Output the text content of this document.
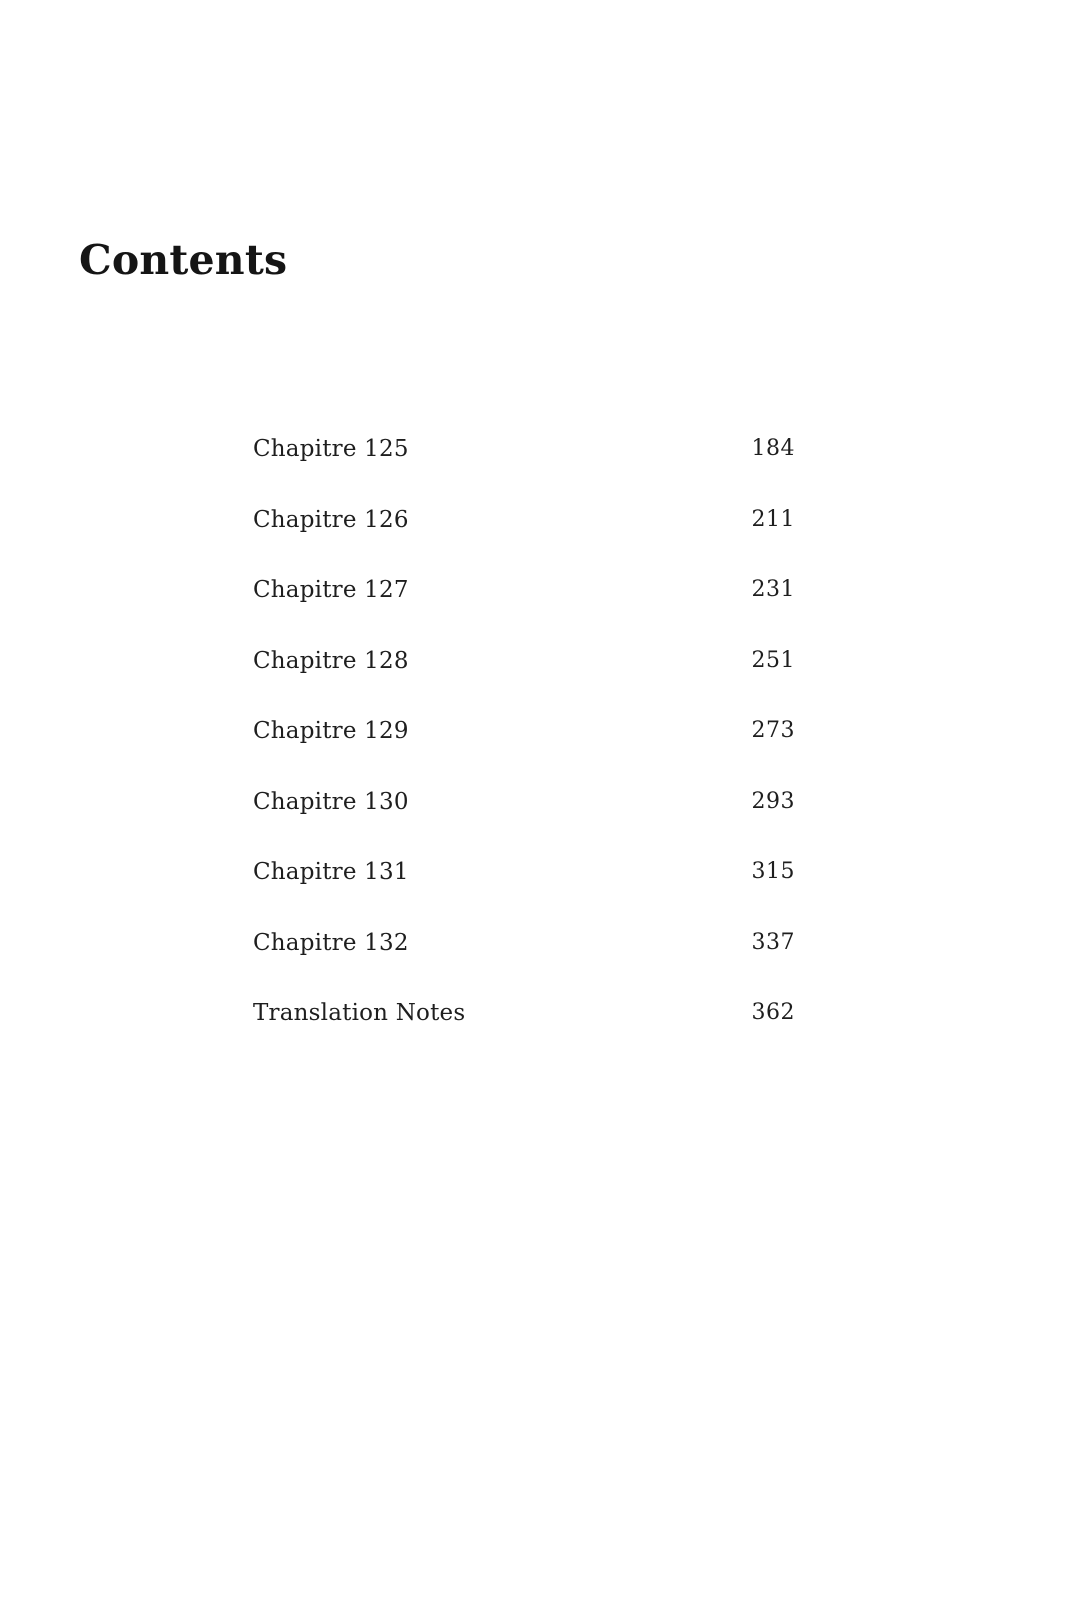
Contents
Chapitre 125	184
Chapitre 126	211
Chapitre 127	231
Chapitre 128	251
Chapitre 129	273
Chapitre 130	293
Chapitre 131	315
Chapitre 132	337
Translation Notes	362
